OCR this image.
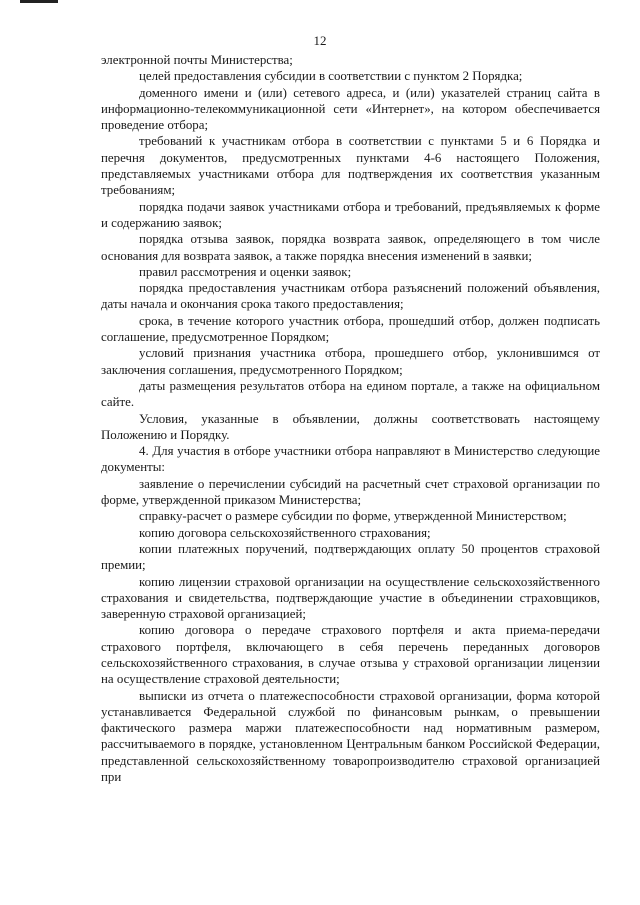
12

электронной почты Министерства;

целей предоставления субсидии в соответствии с пунктом 2 Порядка;

доменного имени и (или) сетевого адреса, и (или) указателей страниц сайта в информационно-телекоммуникационной сети «Интернет», на котором обеспечивается проведение отбора;

требований к участникам отбора в соответствии с пунктами 5 и 6 Порядка и перечня документов, предусмотренных пунктами 4-6 настоящего Положения, представляемых участниками отбора для подтверждения их соответствия указанным требованиям;

порядка подачи заявок участниками отбора и требований, предъявляемых к форме и содержанию заявок;

порядка отзыва заявок, порядка возврата заявок, определяющего в том числе основания для возврата заявок, а также порядка внесения изменений в заявки;

правил рассмотрения и оценки заявок;

порядка предоставления участникам отбора разъяснений положений объявления, даты начала и окончания срока такого предоставления;

срока, в течение которого участник отбора, прошедший отбор, должен подписать соглашение, предусмотренное Порядком;

условий признания участника отбора, прошедшего отбор, уклонившимся от заключения соглашения, предусмотренного Порядком;

даты размещения результатов отбора на едином портале, а также на официальном сайте.

Условия, указанные в объявлении, должны соответствовать настоящему Положению и Порядку.

4. Для участия в отборе участники отбора направляют в Министерство следующие документы:

заявление о перечислении субсидий на расчетный счет страховой организации по форме, утвержденной приказом Министерства;

справку-расчет о размере субсидии по форме, утвержденной Министерством;

копию договора сельскохозяйственного страхования;

копии платежных поручений, подтверждающих оплату 50 процентов страховой премии;

копию лицензии страховой организации на осуществление сельскохозяйственного страхования и свидетельства, подтверждающие участие в объединении страховщиков, заверенную страховой организацией;

копию договора о передаче страхового портфеля и акта приема-передачи страхового портфеля, включающего в себя перечень переданных договоров сельскохозяйственного страхования, в случае отзыва у страховой организации лицензии на осуществление страховой деятельности;

выписки из отчета о платежеспособности страховой организации, форма которой устанавливается Федеральной службой по финансовым рынкам, о превышении фактического размера маржи платежеспособности над нормативным размером, рассчитываемого в порядке, установленном Центральным банком Российской Федерации, представленной сельскохозяйственному товаропроизводителю страховой организацией при
